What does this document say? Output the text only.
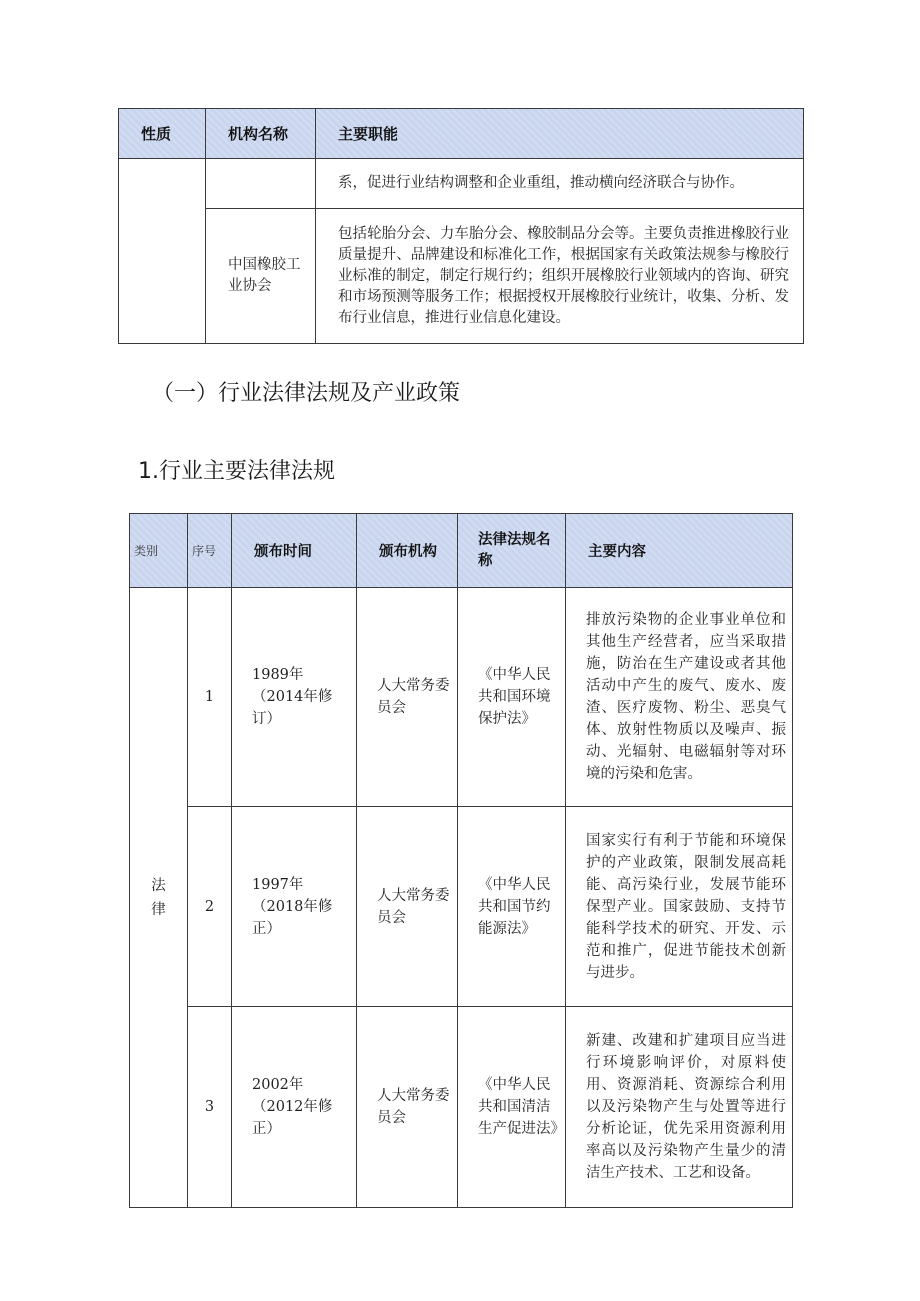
性质	机构名称	主要职能
		系，促进行业结构调整和企业重组，推动横向经济联合与协作。
	中国橡胶工业协会	包括轮胎分会、力车胎分会、橡胶制品分会等。主要负责推进橡胶行业质量提升、品牌建设和标准化工作，根据国家有关政策法规参与橡胶行业标准的制定，制定行规行约；组织开展橡胶行业领域内的咨询、研究和市场预测等服务工作；根据授权开展橡胶行业统计，收集、分析、发布行业信息，推进行业信息化建设。
（一）行业法律法规及产业政策
1.行业主要法律法规
类别	序号	颁布时间	颁布机构	法律法规名称	主要内容
法律	1	1989年（2014年修订）	人大常务委员会	《中华人民共和国环境保护法》	排放污染物的企业事业单位和其他生产经营者，应当采取措施，防治在生产建设或者其他活动中产生的废气、废水、废渣、医疗废物、粉尘、恶臭气体、放射性物质以及噪声、振动、光辐射、电磁辐射等对环境的污染和危害。
	2	1997年（2018年修正）	人大常务委员会	《中华人民共和国节约能源法》	国家实行有利于节能和环境保护的产业政策，限制发展高耗能、高污染行业，发展节能环保型产业。国家鼓励、支持节能科学技术的研究、开发、示范和推广，促进节能技术创新与进步。
	3	2002年（2012年修正）	人大常务委员会	《中华人民共和国清洁生产促进法》	新建、改建和扩建项目应当进行环境影响评价，对原料使用、资源消耗、资源综合利用以及污染物产生与处置等进行分析论证，优先采用资源利用率高以及污染物产生量少的清洁生产技术、工艺和设备。
